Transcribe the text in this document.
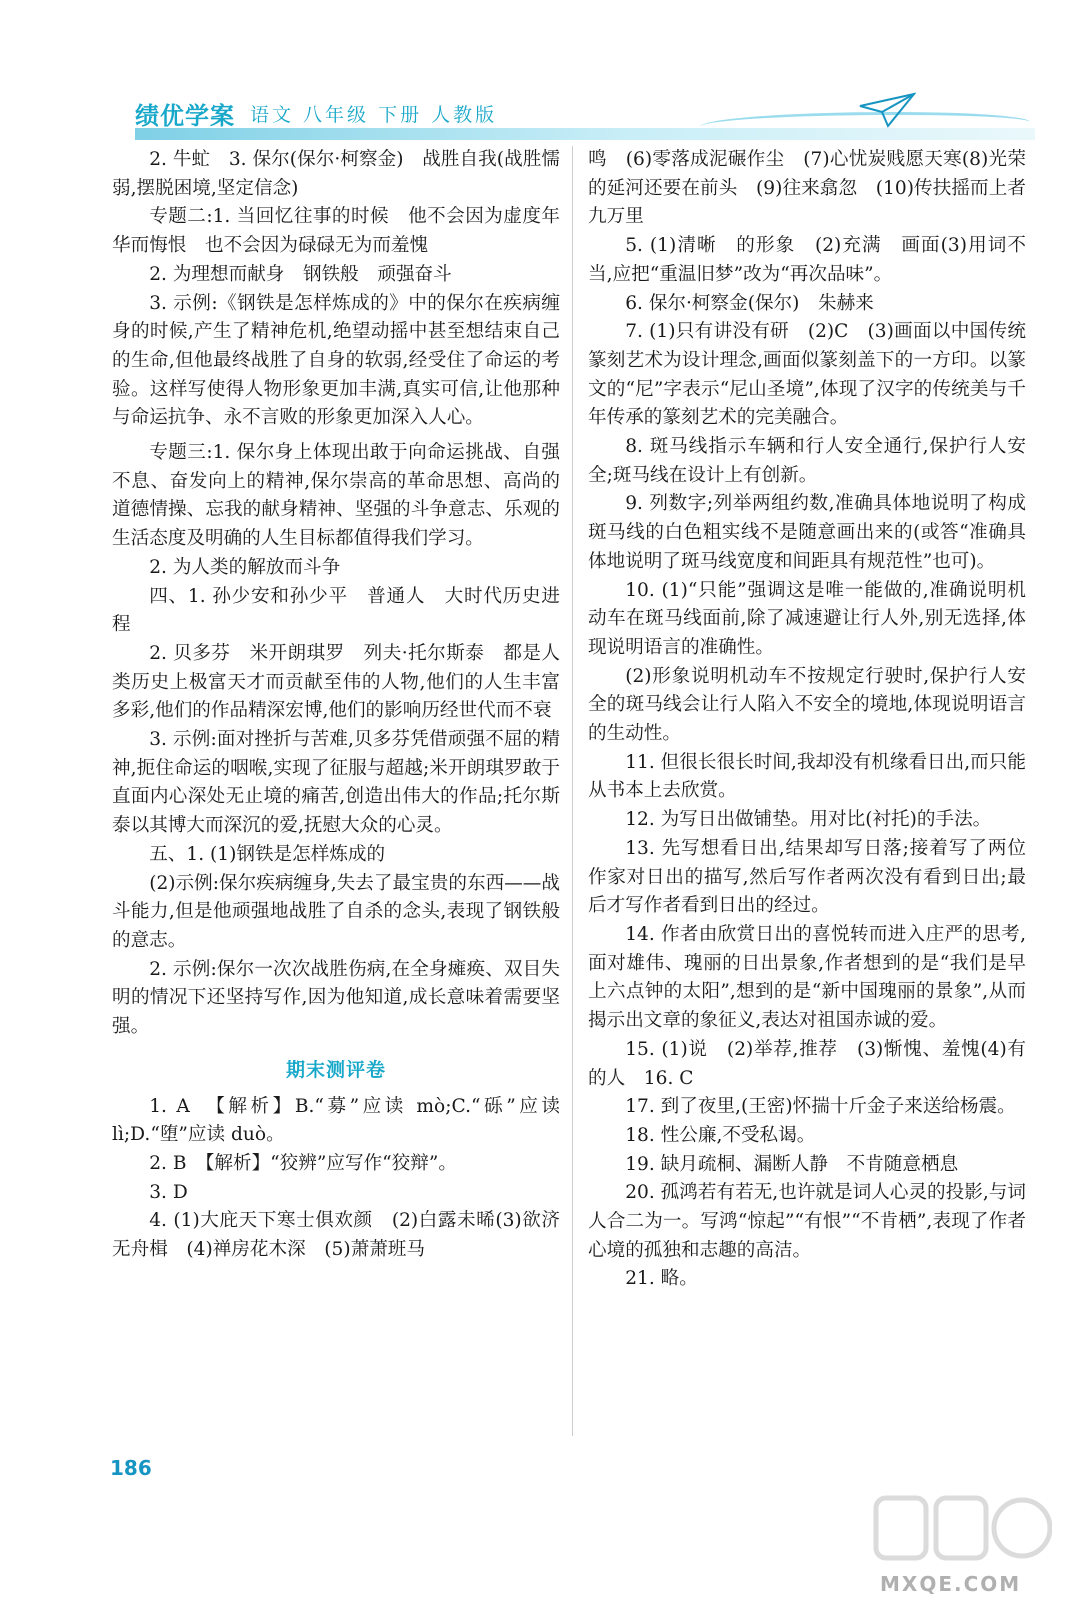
绩优学案 语文 八年级 下册 人教版

2. 牛虻　3. 保尔(保尔·柯察金)　战胜自我(战胜懦弱,摆脱困境,坚定信念)

专题二:1. 当回忆往事的时候　他不会因为虚度年华而悔恨　也不会因为碌碌无为而羞愧

2. 为理想而献身　钢铁般　顽强奋斗

3. 示例:《钢铁是怎样炼成的》中的保尔在疾病缠身的时候,产生了精神危机,绝望动摇中甚至想结束自己的生命,但他最终战胜了自身的软弱,经受住了命运的考验。这样写使得人物形象更加丰满,真实可信,让他那种与命运抗争、永不言败的形象更加深入人心。

专题三:1. 保尔身上体现出敢于向命运挑战、自强不息、奋发向上的精神,保尔崇高的革命思想、高尚的道德情操、忘我的献身精神、坚强的斗争意志、乐观的生活态度及明确的人生目标都值得我们学习。

2. 为人类的解放而斗争

四、1. 孙少安和孙少平　普通人　大时代历史进程

2. 贝多芬　米开朗琪罗　列夫·托尔斯泰　都是人类历史上极富天才而贡献至伟的人物,他们的人生丰富多彩,他们的作品精深宏博,他们的影响历经世代而不衰

3. 示例:面对挫折与苦难,贝多芬凭借顽强不屈的精神,扼住命运的咽喉,实现了征服与超越;米开朗琪罗敢于直面内心深处无止境的痛苦,创造出伟大的作品;托尔斯泰以其博大而深沉的爱,抚慰大众的心灵。

五、1. (1)钢铁是怎样炼成的

(2)示例:保尔疾病缠身,失去了最宝贵的东西——战斗能力,但是他顽强地战胜了自杀的念头,表现了钢铁般的意志。

2. 示例:保尔一次次战胜伤病,在全身瘫痪、双目失明的情况下还坚持写作,因为他知道,成长意味着需要坚强。

期末测评卷

1. A　【解析】B.“募”应读 mò;C.“砾”应读 lì;D.“堕”应读 duò。

2. B　【解析】“狡辨”应写作“狡辩”。

3. D

4. (1)大庇天下寒士俱欢颜　(2)白露未晞(3)欲济无舟楫　(4)禅房花木深　(5)萧萧班马

鸣　(6)零落成泥碾作尘　(7)心忧炭贱愿天寒(8)光荣的延河还要在前头　(9)往来翕忽　(10)传扶摇而上者九万里

5. (1)清晰　的形象　(2)充满　画面(3)用词不当,应把“重温旧梦”改为“再次品味”。

6. 保尔·柯察金(保尔)　朱赫来

7. (1)只有讲没有研　(2)C　(3)画面以中国传统篆刻艺术为设计理念,画面似篆刻盖下的一方印。以篆文的“尼”字表示“尼山圣境”,体现了汉字的传统美与千年传承的篆刻艺术的完美融合。

8. 斑马线指示车辆和行人安全通行,保护行人安全;斑马线在设计上有创新。

9. 列数字;列举两组约数,准确具体地说明了构成斑马线的白色粗实线不是随意画出来的(或答“准确具体地说明了斑马线宽度和间距具有规范性”也可)。

10. (1)“只能”强调这是唯一能做的,准确说明机动车在斑马线面前,除了减速避让行人外,别无选择,体现说明语言的准确性。

(2)形象说明机动车不按规定行驶时,保护行人安全的斑马线会让行人陷入不安全的境地,体现说明语言的生动性。

11. 但很长很长时间,我却没有机缘看日出,而只能从书本上去欣赏。

12. 为写日出做铺垫。用对比(衬托)的手法。

13. 先写想看日出,结果却写日落;接着写了两位作家对日出的描写,然后写作者两次没有看到日出;最后才写作者看到日出的经过。

14. 作者由欣赏日出的喜悦转而进入庄严的思考,面对雄伟、瑰丽的日出景象,作者想到的是“我们是早上六点钟的太阳”,想到的是“新中国瑰丽的景象”,从而揭示出文章的象征义,表达对祖国赤诚的爱。

15. (1)说　(2)举荐,推荐　(3)惭愧、羞愧(4)有的人　16. C

17. 到了夜里,(王密)怀揣十斤金子来送给杨震。

18. 性公廉,不受私谒。

19. 缺月疏桐、漏断人静　不肯随意栖息

20. 孤鸿若有若无,也许就是词人心灵的投影,与词人合二为一。写鸿“惊起”“有恨”“不肯栖”,表现了作者心境的孤独和志趣的高洁。

21. 略。

186
MXQE.COM
